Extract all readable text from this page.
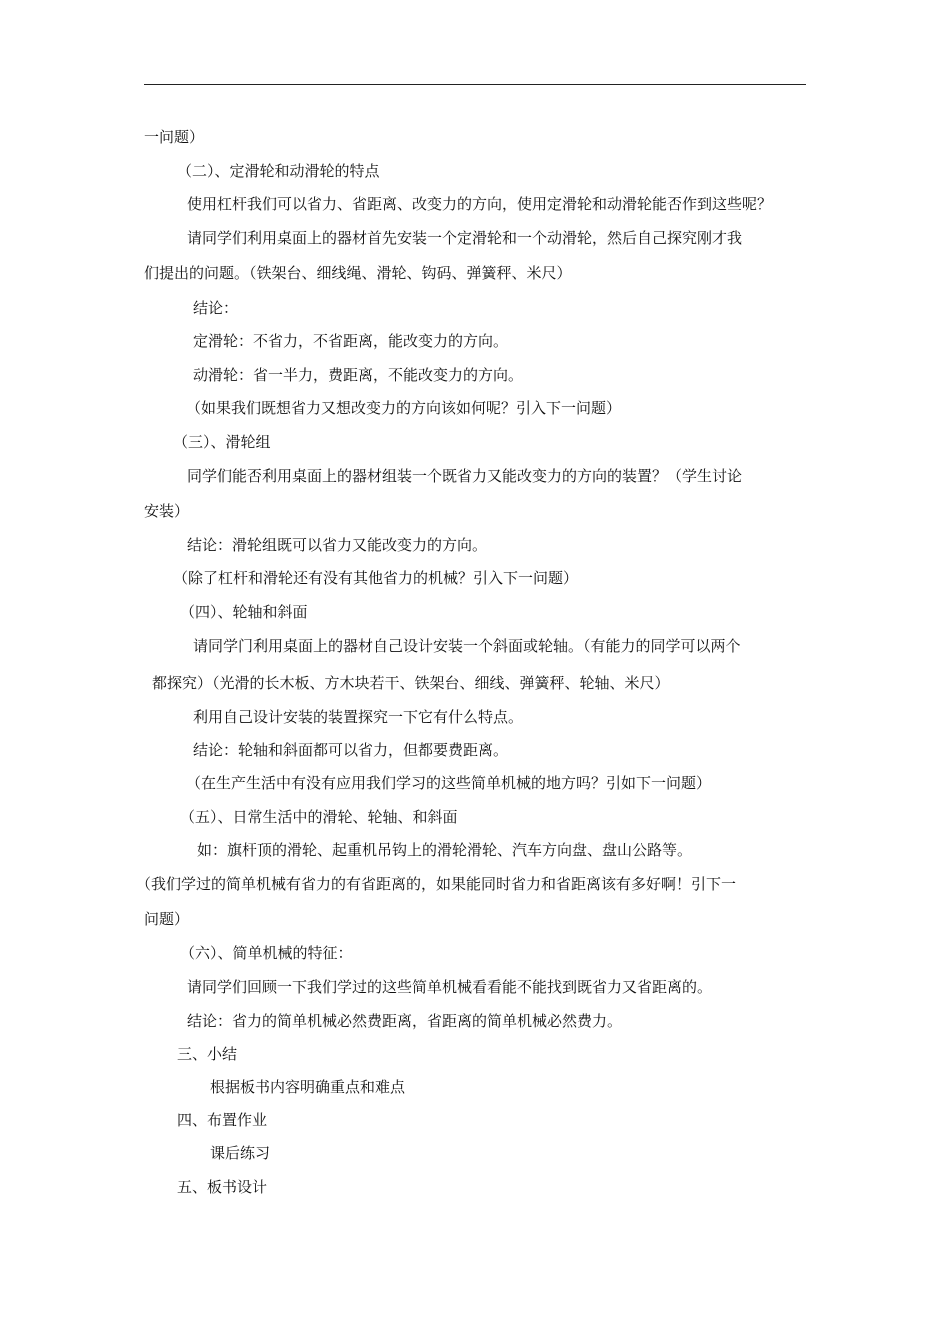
一问题）
（二）、定滑轮和动滑轮的特点
使用杠杆我们可以省力、省距离、改变力的方向，使用定滑轮和动滑轮能否作到这些呢？
请同学们利用桌面上的器材首先安装一个定滑轮和一个动滑轮，然后自己探究刚才我
们提出的问题。（铁架台、细线绳、滑轮、钩码、弹簧秤、米尺）
结论：
定滑轮：不省力，不省距离，能改变力的方向。
动滑轮：省一半力，费距离，不能改变力的方向。
（如果我们既想省力又想改变力的方向该如何呢？引入下一问题）
（三）、滑轮组
同学们能否利用桌面上的器材组装一个既省力又能改变力的方向的装置？（学生讨论
安装）
结论：滑轮组既可以省力又能改变力的方向。
（除了杠杆和滑轮还有没有其他省力的机械？引入下一问题）
（四）、轮轴和斜面
请同学门利用桌面上的器材自己设计安装一个斜面或轮轴。（有能力的同学可以两个
都探究）（光滑的长木板、方木块若干、铁架台、细线、弹簧秤、轮轴、米尺）
利用自己设计安装的装置探究一下它有什么特点。
结论：轮轴和斜面都可以省力，但都要费距离。
（在生产生活中有没有应用我们学习的这些简单机械的地方吗？引如下一问题）
（五）、日常生活中的滑轮、轮轴、和斜面
如：旗杆顶的滑轮、起重机吊钩上的滑轮滑轮、汽车方向盘、盘山公路等。
（我们学过的简单机械有省力的有省距离的，如果能同时省力和省距离该有多好啊！引下一
问题）
（六）、简单机械的特征：
请同学们回顾一下我们学过的这些简单机械看看能不能找到既省力又省距离的。
结论：省力的简单机械必然费距离，省距离的简单机械必然费力。
三、小结
根据板书内容明确重点和难点
四、布置作业
课后练习
五、板书设计
